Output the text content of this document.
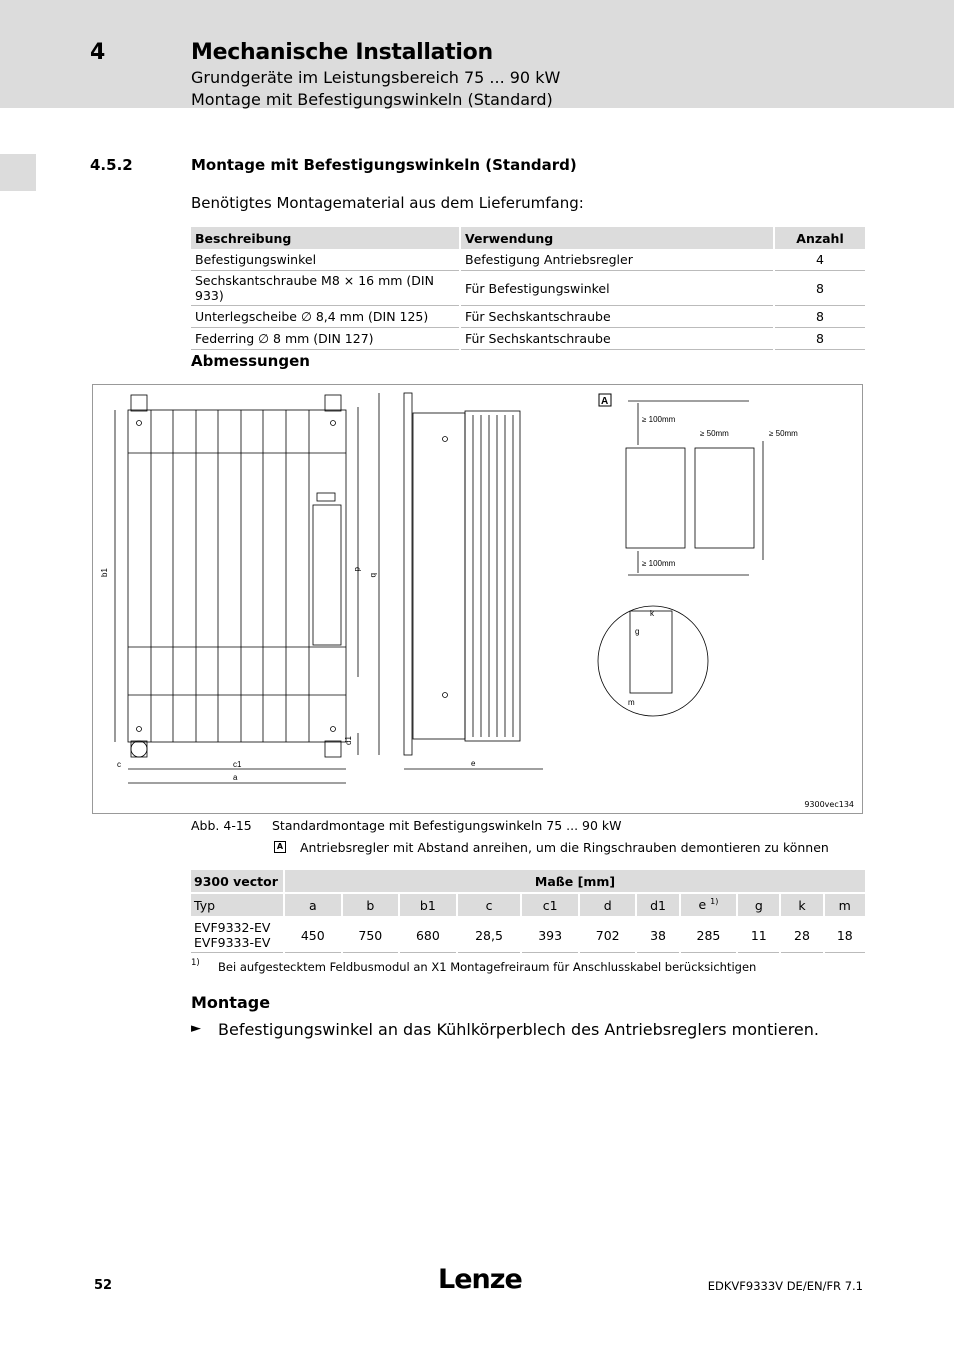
4	Mechanische Installation
Grundgeräte im Leistungsbereich 75 ... 90 kW
Montage mit Befestigungswinkeln (Standard)
4.5.2	Montage mit Befestigungswinkeln (Standard)
Benötigtes Montagematerial aus dem Lieferumfang:
Beschreibung	Verwendung	Anzahl
Befestigungswinkel	Befestigung Antriebsregler	4
Sechskantschraube M8 × 16 mm (DIN 933)	Für Befestigungswinkel	8
Unterlegscheibe ∅ 8,4 mm (DIN 125)	Für Sechskantschraube	8
Federring ∅ 8 mm (DIN 127)	Für Sechskantschraube	8
Abmessungen
b1	d
b
d1
c	c1
a
e
≥ 100mm
≥ 50mm	≥ 50mm
≥ 100mm
k
g
m
A
9300vec134
Abb. 4-15 Standardmontage mit Befestigungswinkeln 75 ... 90 kW
A Antriebsregler mit Abstand anreihen, um die Ringschrauben demontieren zu können
9300 vector	Maße [mm]										
Typ	a	b	b1	c	c1	d	d1	e $^{1)}$	g	k	m
EVF9332-EV
EVF9333-EV	450	750	680	28,5	393	702	38	285	11	28	18
1) Bei aufgestecktem Feldbusmodul an X1 Montagefreiraum für Anschlusskabel berücksichtigen
Montage
► Befestigungswinkel an das Kühlkörperblech des Antriebsreglers montieren.
52	Lenze	EDKVF9333V DE/EN/FR 7.1
